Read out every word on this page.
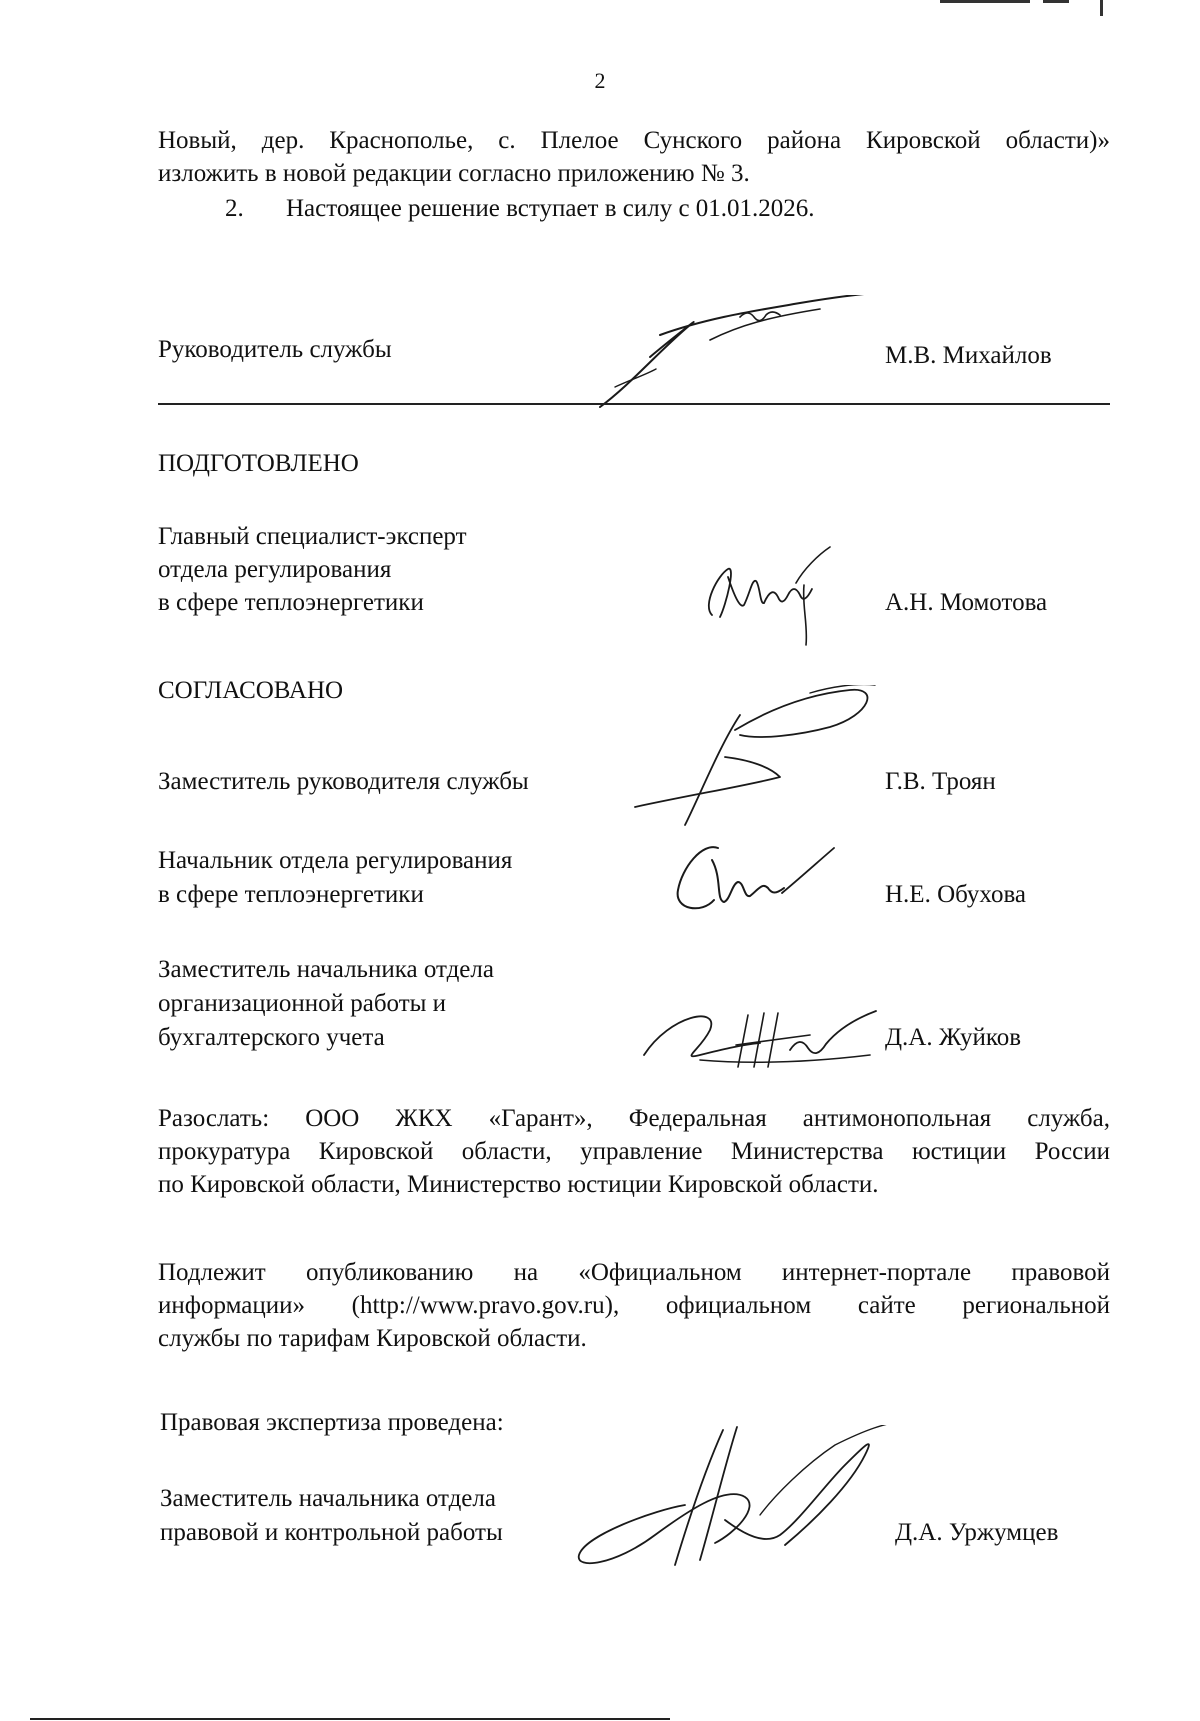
2
Новый, дер. Краснополье, с. Плелое Сунского района Кировской области)»
изложить в новой редакции согласно приложению № 3.
2. Настоящее решение вступает в силу с 01.01.2026.
Руководитель службы	М.В. Михайлов
ПОДГОТОВЛЕНО
Главный специалист-эксперт
отдела регулирования
в сфере теплоэнергетики	А.Н. Момотова
СОГЛАСОВАНО
Заместитель руководителя службы	Г.В. Троян
Начальник отдела регулирования
в сфере теплоэнергетики	Н.Е. Обухова
Заместитель начальника отдела
организационной работы и
бухгалтерского учета	Д.А. Жуйков
Разослать: ООО ЖКХ «Гарант», Федеральная антимонопольная служба,
прокуратура Кировской области, управление Министерства юстиции России
по Кировской области, Министерство юстиции Кировской области.
Подлежит опубликованию на «Официальном интернет-портале правовой
информации» (http://www.pravo.gov.ru), официальном сайте региональной
службы по тарифам Кировской области.
Правовая экспертиза проведена:
Заместитель начальника отдела
правовой и контрольной работы	Д.А. Уржумцев
